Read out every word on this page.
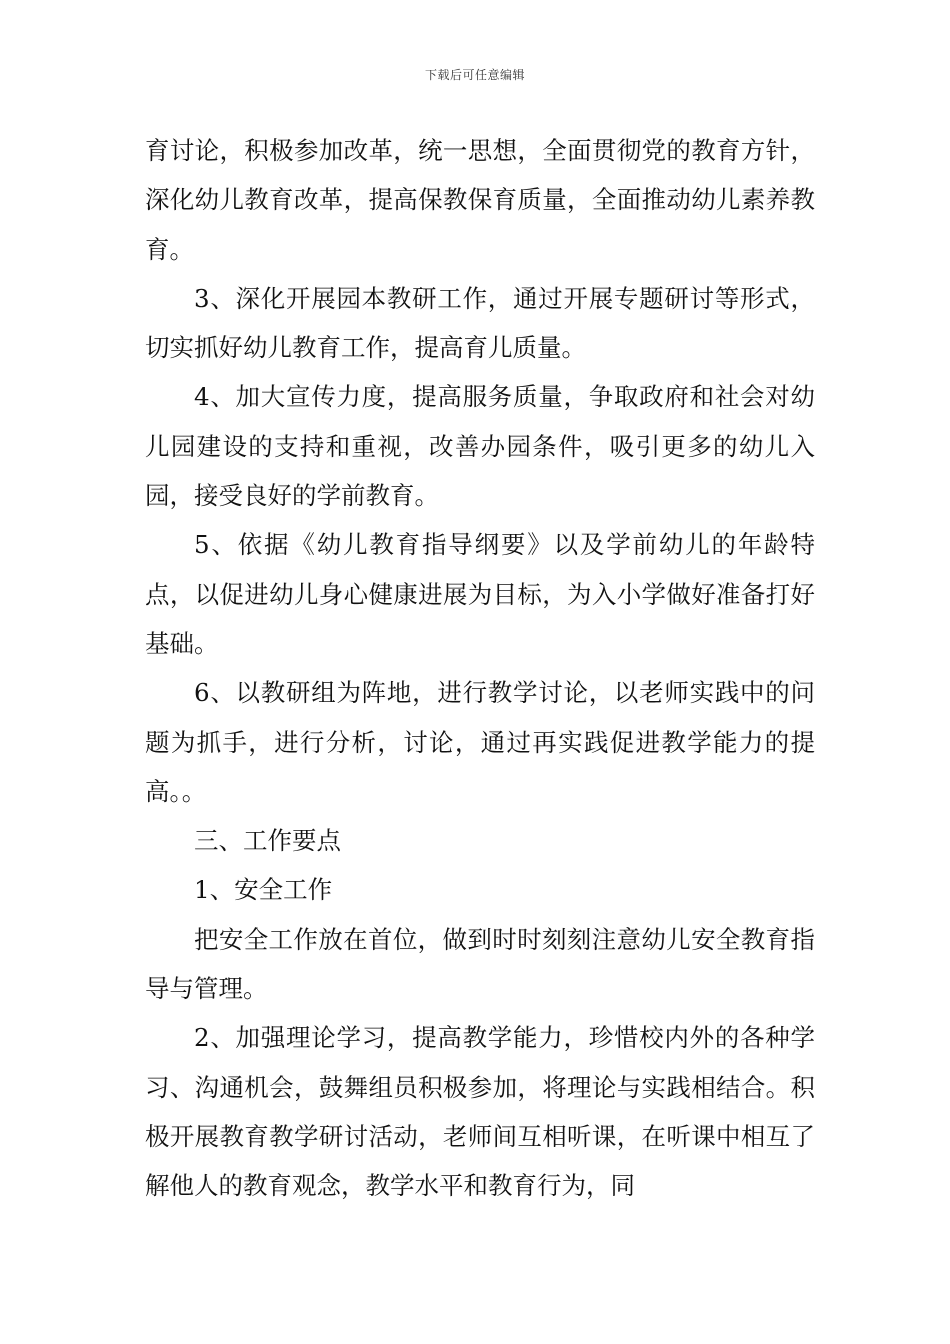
下载后可任意编辑

育讨论，积极参加改革，统一思想，全面贯彻党的教育方针，深化幼儿教育改革，提高保教保育质量，全面推动幼儿素养教育。

3、深化开展园本教研工作，通过开展专题研讨等形式，切实抓好幼儿教育工作，提高育儿质量。

4、加大宣传力度，提高服务质量，争取政府和社会对幼儿园建设的支持和重视，改善办园条件，吸引更多的幼儿入园，接受良好的学前教育。

5、依据《幼儿教育指导纲要》以及学前幼儿的年龄特点，以促进幼儿身心健康进展为目标，为入小学做好准备打好基础。

6、以教研组为阵地，进行教学讨论，以老师实践中的问题为抓手，进行分析，讨论，通过再实践促进教学能力的提高。。

三、工作要点

1、安全工作

把安全工作放在首位，做到时时刻刻注意幼儿安全教育指导与管理。

2、加强理论学习，提高教学能力，珍惜校内外的各种学习、沟通机会，鼓舞组员积极参加，将理论与实践相结合。积极开展教育教学研讨活动，老师间互相听课，在听课中相互了解他人的教育观念，教学水平和教育行为，同
